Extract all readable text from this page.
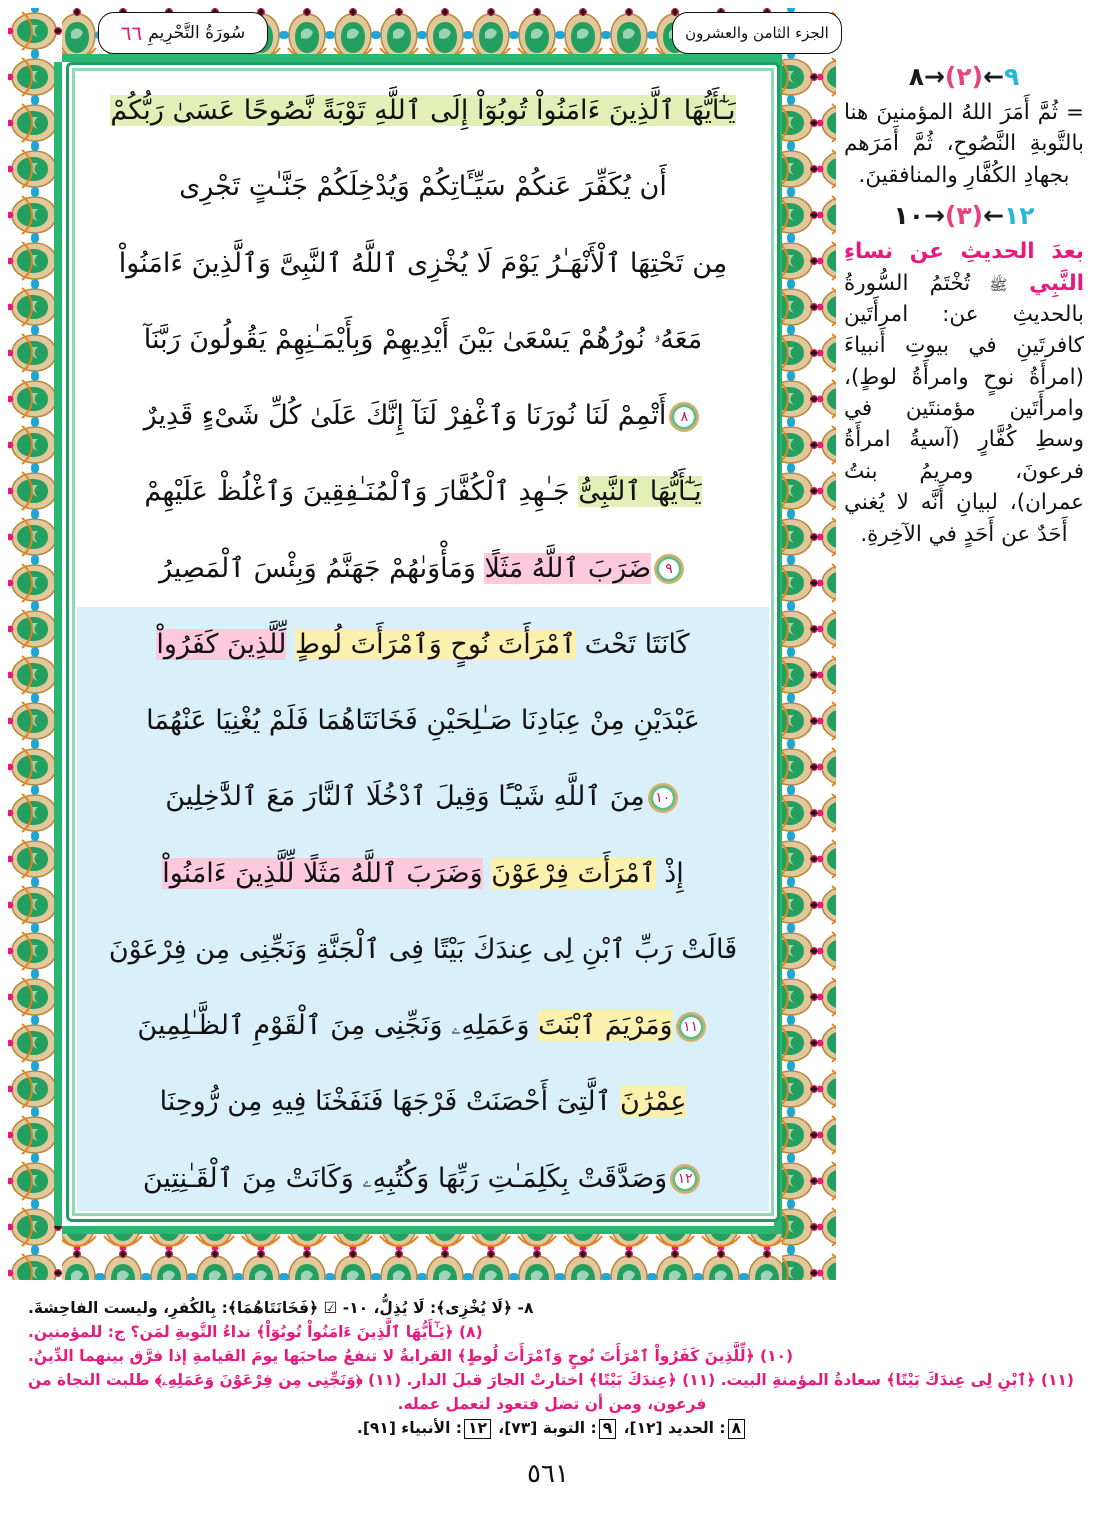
٦٦ سُورَةُ التَّحْرِيمِ	الجزء الثامن والعشرون
يَـٰٓأَيُّهَا ٱلَّذِينَ ءَامَنُواْ تُوبُوٓاْ إِلَى ٱللَّهِ تَوْبَةً نَّصُوحًا عَسَىٰ رَبُّكُمْ
أَن يُكَفِّرَ عَنكُمْ سَيِّـَٔاتِكُمْ وَيُدْخِلَكُمْ جَنَّـٰتٍ تَجْرِى
مِن تَحْتِهَا ٱلْأَنْهَـٰرُ يَوْمَ لَا يُخْزِى ٱللَّهُ ٱلنَّبِىَّ وَٱلَّذِينَ ءَامَنُواْ
مَعَهُۥ نُورُهُمْ يَسْعَىٰ بَيْنَ أَيْدِيهِمْ وَبِأَيْمَـٰنِهِمْ يَقُولُونَ رَبَّنَآ
٨أَتْمِمْ لَنَا نُورَنَا وَٱغْفِرْ لَنَآ إِنَّكَ عَلَىٰ كُلِّ شَىْءٍ قَدِيرٌ
يَـٰٓأَيُّهَا ٱلنَّبِىُّ جَـٰهِدِ ٱلْكُفَّارَ وَٱلْمُنَـٰفِقِينَ وَٱغْلُظْ عَلَيْهِمْ
٩ضَرَبَ ٱللَّهُ مَثَلًا وَمَأْوَىٰهُمْ جَهَنَّمُ وَبِئْسَ ٱلْمَصِيرُ
كَانَتَا تَحْتَ ٱمْرَأَتَ نُوحٍ وَٱمْرَأَتَ لُوطٍ لِّلَّذِينَ كَفَرُواْ
عَبْدَيْنِ مِنْ عِبَادِنَا صَـٰلِحَيْنِ فَخَانَتَاهُمَا فَلَمْ يُغْنِيَا عَنْهُمَا
١٠مِنَ ٱللَّهِ شَيْـًٔا وَقِيلَ ٱدْخُلَا ٱلنَّارَ مَعَ ٱلدَّٰخِلِينَ
إِذْ ٱمْرَأَتَ فِرْعَوْنَ وَضَرَبَ ٱللَّهُ مَثَلًا لِّلَّذِينَ ءَامَنُواْ
قَالَتْ رَبِّ ٱبْنِ لِى عِندَكَ بَيْتًا فِى ٱلْجَنَّةِ وَنَجِّنِى مِن فِرْعَوْنَ
١١وَمَرْيَمَ ٱبْنَتَ وَعَمَلِهِۦ وَنَجِّنِى مِنَ ٱلْقَوْمِ ٱلظَّـٰلِمِينَ
عِمْرَٰنَ ٱلَّتِىٓ أَحْصَنَتْ فَرْجَهَا فَنَفَخْنَا فِيهِ مِن رُّوحِنَا
١٢وَصَدَّقَتْ بِكَلِمَـٰتِ رَبِّهَا وَكُتُبِهِۦ وَكَانَتْ مِنَ ٱلْقَـٰنِتِينَ
٥٦١
٩←(٢)→٨
= ثُمَّ أَمَرَ اللهُ المؤمنينَ هنا بالتَّوبةِ النَّصُوحِ، ثُمَّ أَمَرَهم بجهادِ الكُفَّارِ والمنافقينَ.
١٢←(٣)→١٠
بعدَ الحديثِ عن نساءِ النَّبِي ﷺ تُخْتَمُ السُّورةُ بالحديثِ عن: امرأَتَين كافرتَينِ في بيوتِ أَنبياءَ (امرأَةُ نوحٍ وامرأَةُ لوطٍ)، وامرأَتَين مؤمنتَين في وسطِ كُفَّارٍ (آسيةُ امرأَةُ فرعونَ، ومريمُ بنتُ عمران)، لبيانِ أَنَّه لا يُغني أَحَدٌ عن أَحَدٍ في الآخِرةِ.
٨- ﴿لَا يُخْزِى﴾: لَا يُذِلُّ، ١٠- ☑ ﴿فَخَانَتَاهُمَا﴾: بِالكُفرِ، وليست الفاحِشةَ.
(٨) ﴿يَـٰٓأَيُّهَا ٱلَّذِينَ ءَامَنُواْ تُوبُوٓاْ﴾ نداءُ التَّوبةِ لمَن؟ ج: للمؤمنين.
(١٠) ﴿لِّلَّذِينَ كَفَرُواْ ٱمْرَأَتَ نُوحٍ وَٱمْرَأَتَ لُوطٍ﴾ القرابةُ لا تنفعُ صاحبَها يومَ القيامةِ إذا فرَّق بينهما الدِّينُ.
(١١) ﴿ٱبْنِ لِى عِندَكَ بَيْتًا﴾ سعادةُ المؤمنةِ البيت. (١١) ﴿عِندَكَ بَيْتًا﴾ اختارتْ الجارَ قبلَ الدار. (١١) ﴿وَنَجِّنِى مِن فِرْعَوْنَ وَعَمَلِهِۦ﴾ طلبت النجاة من
فرعون، ومن أن تضل فتعود لتعمل عمله.
٨: الحديد [١٢]، ٩: التوبة [٧٣]، ١٢: الأنبياء [٩١].
